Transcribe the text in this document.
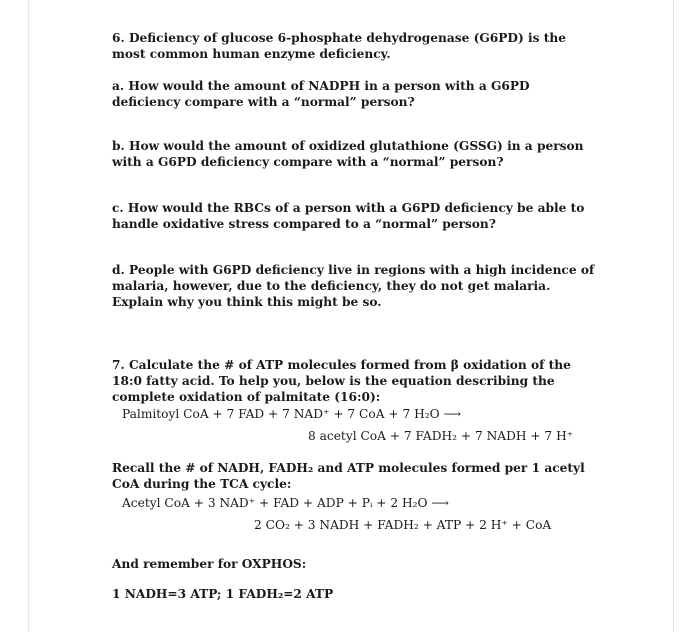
6. Deficiency of glucose 6-phosphate dehydrogenase (G6PD) is the most common human enzyme deficiency.
a. How would the amount of NADPH in a person with a G6PD deficiency compare with a “normal” person?
b. How would the amount of oxidized glutathione (GSSG) in a person with a G6PD deficiency compare with a “normal” person?
c. How would the RBCs of a person with a G6PD deficiency be able to handle oxidative stress compared to a “normal” person?
d. People with G6PD deficiency live in regions with a high incidence of malaria, however, due to the deficiency, they do not get malaria. Explain why you think this might be so.
7. Calculate the # of ATP molecules formed from β oxidation of the 18:0 fatty acid. To help you, below is the equation describing the complete oxidation of palmitate (16:0):
Palmitoyl CoA + 7 FAD + 7 NAD⁺ + 7 CoA + 7 H₂O ⟶
8 acetyl CoA + 7 FADH₂ + 7 NADH + 7 H⁺
Recall the # of NADH, FADH₂ and ATP molecules formed per 1 acetyl CoA during the TCA cycle:
Acetyl CoA + 3 NAD⁺ + FAD + ADP + Pᵢ + 2 H₂O ⟶
2 CO₂ + 3 NADH + FADH₂ + ATP + 2 H⁺ + CoA
And remember for OXPHOS:
1 NADH=3 ATP; 1 FADH₂=2 ATP
